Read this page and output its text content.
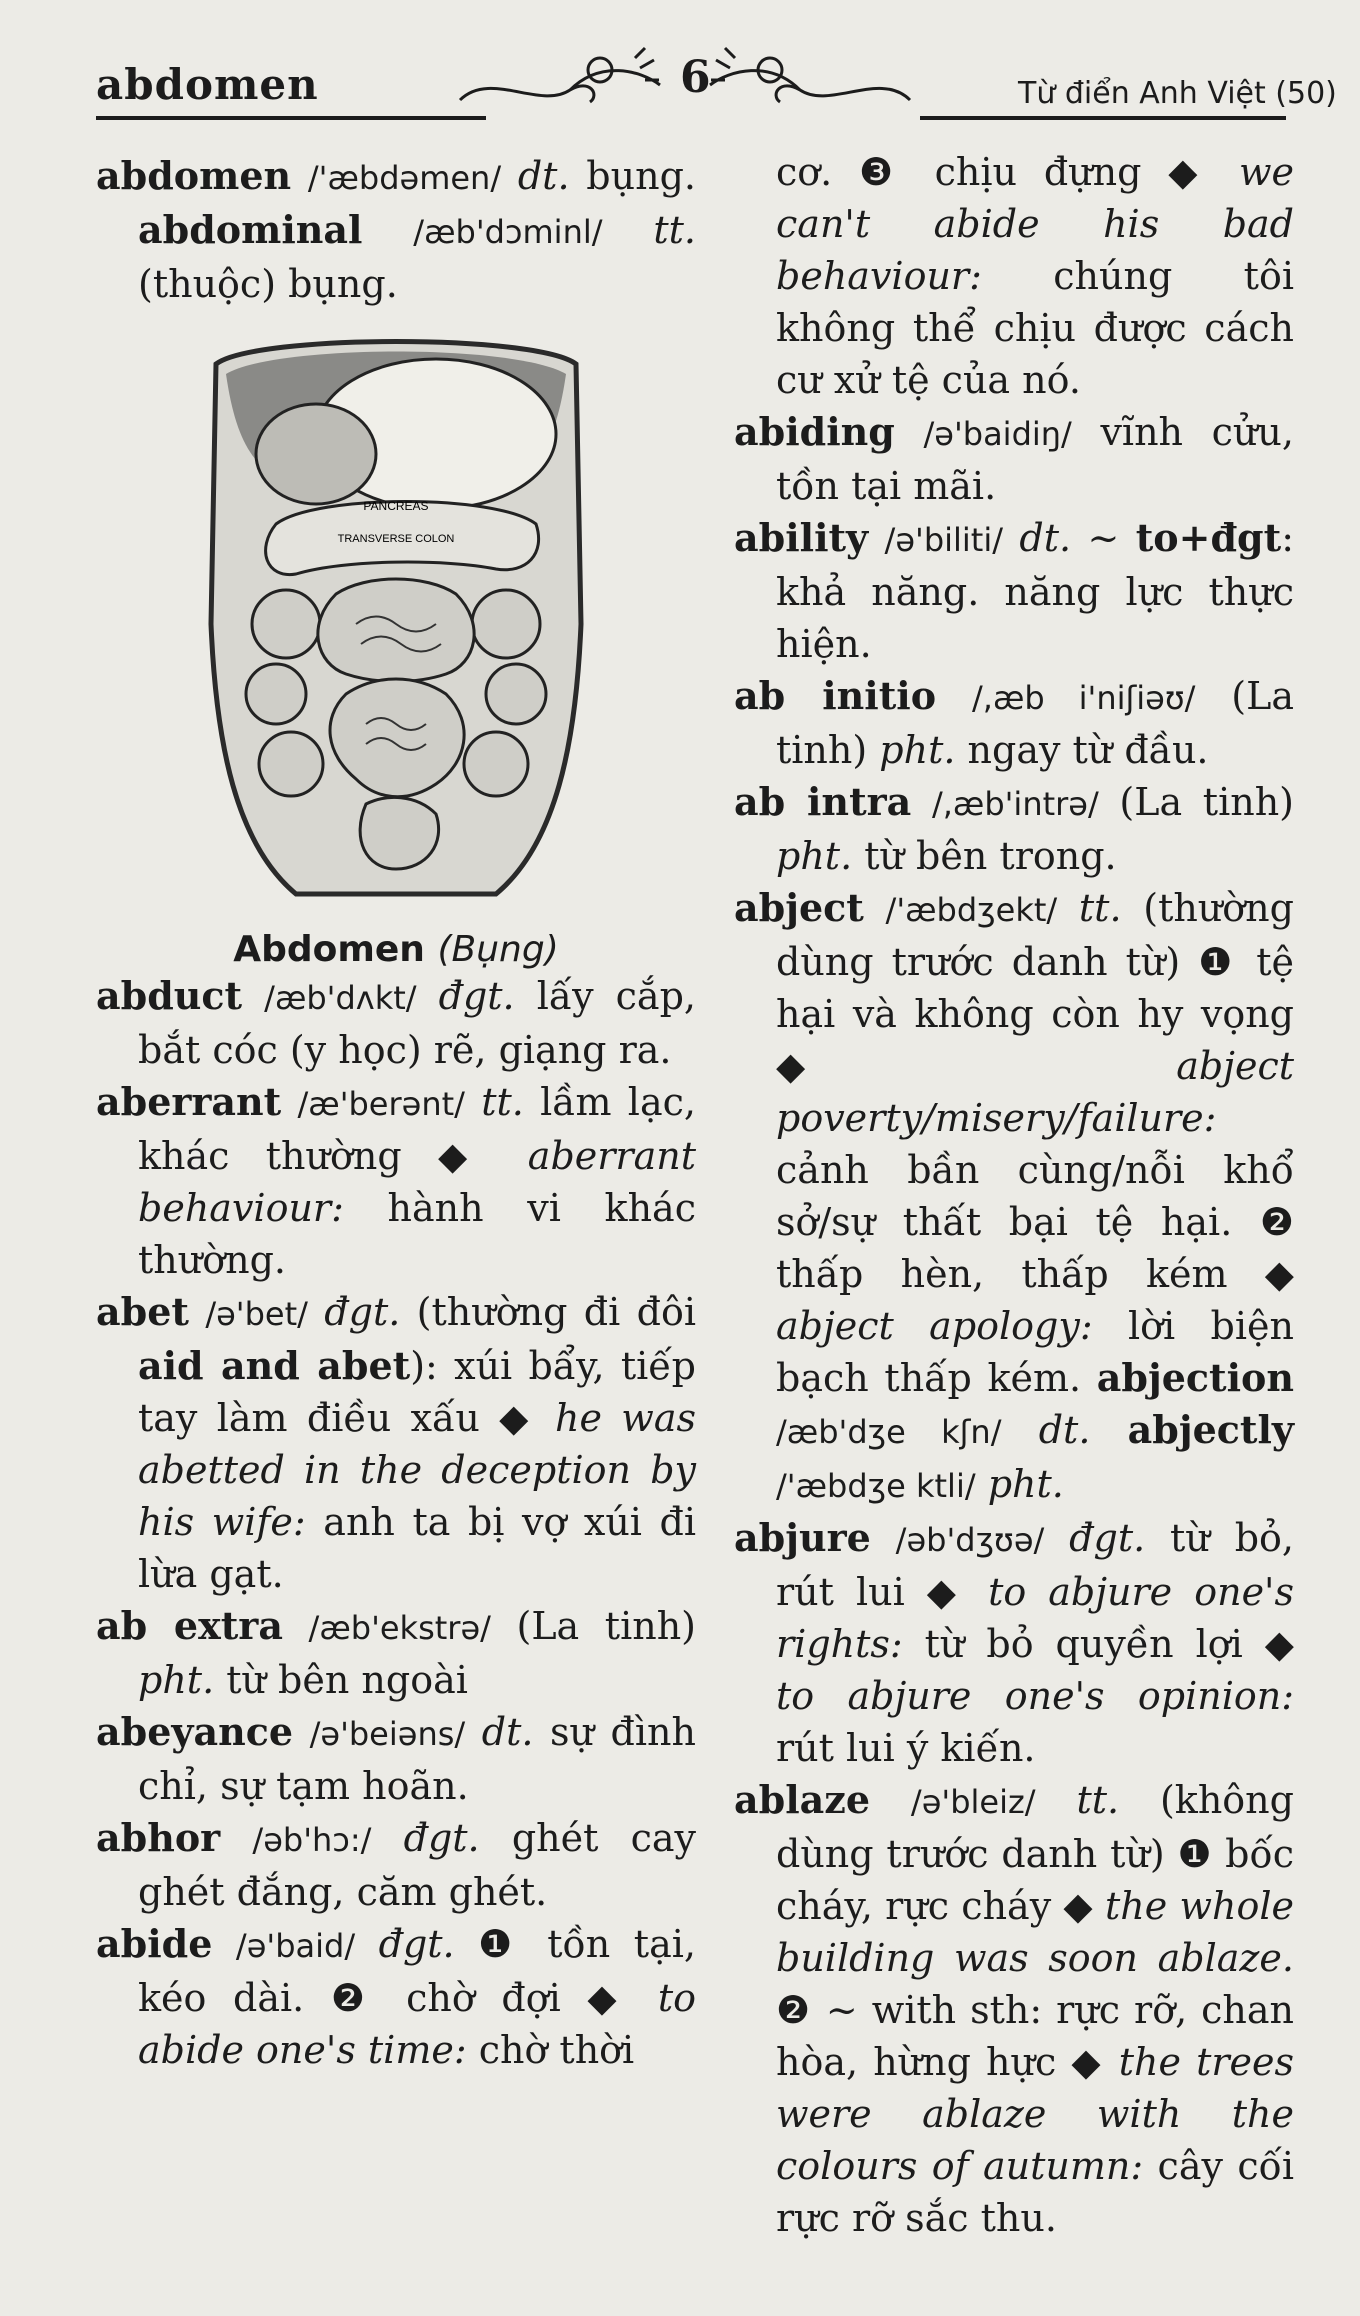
abdomen	6	Từ điển Anh Việt (50)

abdomen /'æbdəmen/ dt. bụng. abdominal /æb'dɔminl/ tt. (thuộc) bụng.

PANCREAS
TRANSVERSE COLON
Abdomen (Bụng)

abduct /æb'dʌkt/ đgt. lấy cắp, bắt cóc (y học) rẽ, giạng ra.

aberrant /æ'berənt/ tt. lầm lạc, khác thường ◆ aberrant behaviour: hành vi khác thường.

abet /ə'bet/ đgt. (thường đi đôi aid and abet): xúi bẩy, tiếp tay làm điều xấu ◆ he was abetted in the deception by his wife: anh ta bị vợ xúi đi lừa gạt.

ab extra /æb'ekstrə/ (La tinh) pht. từ bên ngoài

abeyance /ə'beiəns/ dt. sự đình chỉ, sự tạm hoãn.

abhor /əb'hɔ:/ đgt. ghét cay ghét đắng, căm ghét.

abide /ə'baid/ đgt. ❶ tồn tại, kéo dài. ❷ chờ đợi ◆ to abide one's time: chờ thời

cơ. ❸ chịu đựng ◆ we can't abide his bad behaviour: chúng tôi không thể chịu được cách cư xử tệ của nó.

abiding /ə'baidiŋ/ vĩnh cửu, tồn tại mãi.

ability /ə'biliti/ dt. ~ to+đgt: khả năng. năng lực thực hiện.

ab initio /,æb i'niʃiəʊ/ (La tinh) pht. ngay từ đầu.

ab intra /,æb'intrə/ (La tinh) pht. từ bên trong.

abject /'æbdʒekt/ tt. (thường dùng trước danh từ) ❶ tệ hại và không còn hy vọng ◆ abject poverty/misery/failure: cảnh bần cùng/nỗi khổ sở/sự thất bại tệ hại. ❷ thấp hèn, thấp kém ◆ abject apology: lời biện bạch thấp kém. abjection /æb'dʒe kʃn/ dt. abjectly /'æbdʒe ktli/ pht.

abjure /əb'dʒʊə/ đgt. từ bỏ, rút lui ◆ to abjure one's rights: từ bỏ quyền lợi ◆ to abjure one's opinion: rút lui ý kiến.

ablaze /ə'bleiz/ tt. (không dùng trước danh từ) ❶ bốc cháy, rực cháy ◆ the whole building was soon ablaze. ❷ ~ with sth: rực rỡ, chan hòa, hừng hực ◆ the trees were ablaze with the colours of autumn: cây cối rực rỡ sắc thu.
